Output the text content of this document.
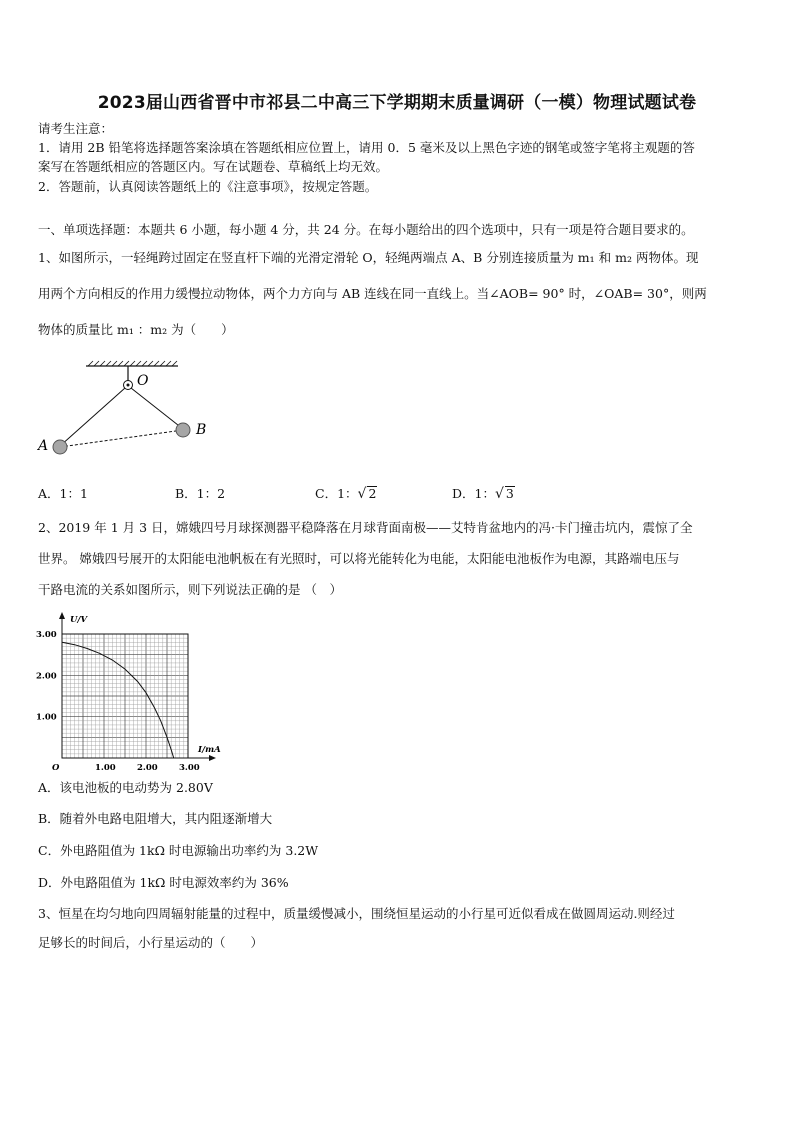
2023届山西省晋中市祁县二中高三下学期期末质量调研（一模）物理试题试卷
请考生注意：
1．请用 2B 铅笔将选择题答案涂填在答题纸相应位置上，请用 0．5 毫米及以上黑色字迹的钢笔或签字笔将主观题的答
案写在答题纸相应的答题区内。写在试题卷、草稿纸上均无效。
2．答题前，认真阅读答题纸上的《注意事项》，按规定答题。
一、单项选择题：本题共 6 小题，每小题 4 分，共 24 分。在每小题给出的四个选项中，只有一项是符合题目要求的。
1、如图所示，一轻绳跨过固定在竖直杆下端的光滑定滑轮 O，轻绳两端点 A、B 分别连接质量为 m₁ 和 m₂ 两物体。现
用两个方向相反的作用力缓慢拉动物体，两个力方向与 AB 连线在同一直线上。当∠AOB= 90° 时，∠OAB= 30°，则两
物体的质量比 m₁ ：m₂ 为（　　）
O
A
B
A．1：1	B．1：2	C．1：√ 2	D．1：√ 3
2、2019 年 1 月 3 日，嫦娥四号月球探测器平稳降落在月球背面南极——艾特肯盆地内的冯·卡门撞击坑内，震惊了全
世界。 嫦娥四号展开的太阳能电池帆板在有光照时，可以将光能转化为电能，太阳能电池板作为电源，其路端电压与
干路电流的关系如图所示，则下列说法正确的是 （　）
U/V
I/mA
O
1.00
2.00
3.00
1.00	2.00	3.00
A．该电池板的电动势为 2.80V
B．随着外电路电阻增大，其内阻逐渐增大
C．外电路阻值为 1kΩ 时电源输出功率约为 3.2W
D．外电路阻值为 1kΩ 时电源效率约为 36%
3、恒星在均匀地向四周辐射能量的过程中，质量缓慢减小，围绕恒星运动的小行星可近似看成在做圆周运动.则经过
足够长的时间后，小行星运动的（　　）
